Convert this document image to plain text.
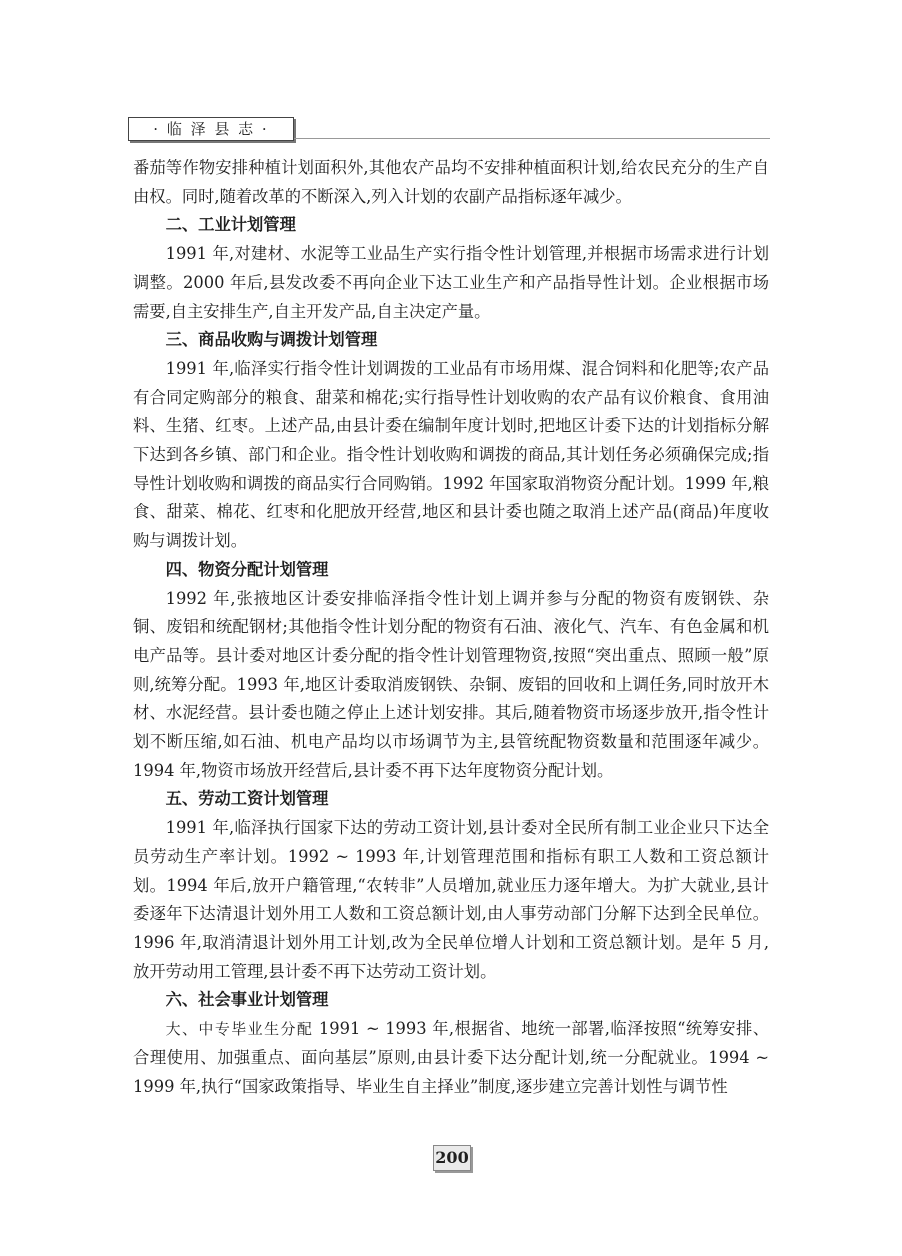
· 临 泽 县 志 ·

番茄等作物安排种植计划面积外,其他农产品均不安排种植面积计划,给农民充分的生产自由权。同时,随着改革的不断深入,列入计划的农副产品指标逐年减少。

二、工业计划管理

1991 年,对建材、水泥等工业品生产实行指令性计划管理,并根据市场需求进行计划调整。2000 年后,县发改委不再向企业下达工业生产和产品指导性计划。企业根据市场需要,自主安排生产,自主开发产品,自主决定产量。

三、商品收购与调拨计划管理

1991 年,临泽实行指令性计划调拨的工业品有市场用煤、混合饲料和化肥等;农产品有合同定购部分的粮食、甜菜和棉花;实行指导性计划收购的农产品有议价粮食、食用油料、生猪、红枣。上述产品,由县计委在编制年度计划时,把地区计委下达的计划指标分解下达到各乡镇、部门和企业。指令性计划收购和调拨的商品,其计划任务必须确保完成;指导性计划收购和调拨的商品实行合同购销。1992 年国家取消物资分配计划。1999 年,粮食、甜菜、棉花、红枣和化肥放开经营,地区和县计委也随之取消上述产品(商品)年度收购与调拨计划。

四、物资分配计划管理

1992 年,张掖地区计委安排临泽指令性计划上调并参与分配的物资有废钢铁、杂铜、废铝和统配钢材;其他指令性计划分配的物资有石油、液化气、汽车、有色金属和机电产品等。县计委对地区计委分配的指令性计划管理物资,按照“突出重点、照顾一般”原则,统筹分配。1993 年,地区计委取消废钢铁、杂铜、废铝的回收和上调任务,同时放开木材、水泥经营。县计委也随之停止上述计划安排。其后,随着物资市场逐步放开,指令性计划不断压缩,如石油、机电产品均以市场调节为主,县管统配物资数量和范围逐年减少。1994 年,物资市场放开经营后,县计委不再下达年度物资分配计划。

五、劳动工资计划管理

1991 年,临泽执行国家下达的劳动工资计划,县计委对全民所有制工业企业只下达全员劳动生产率计划。1992 ~ 1993 年,计划管理范围和指标有职工人数和工资总额计划。1994 年后,放开户籍管理,“农转非”人员增加,就业压力逐年增大。为扩大就业,县计委逐年下达清退计划外用工人数和工资总额计划,由人事劳动部门分解下达到全民单位。1996 年,取消清退计划外用工计划,改为全民单位增人计划和工资总额计划。是年 5 月,放开劳动用工管理,县计委不再下达劳动工资计划。

六、社会事业计划管理

大、中专毕业生分配 1991 ~ 1993 年,根据省、地统一部署,临泽按照“统筹安排、合理使用、加强重点、面向基层”原则,由县计委下达分配计划,统一分配就业。1994 ~ 1999 年,执行“国家政策指导、毕业生自主择业”制度,逐步建立完善计划性与调节性

200
